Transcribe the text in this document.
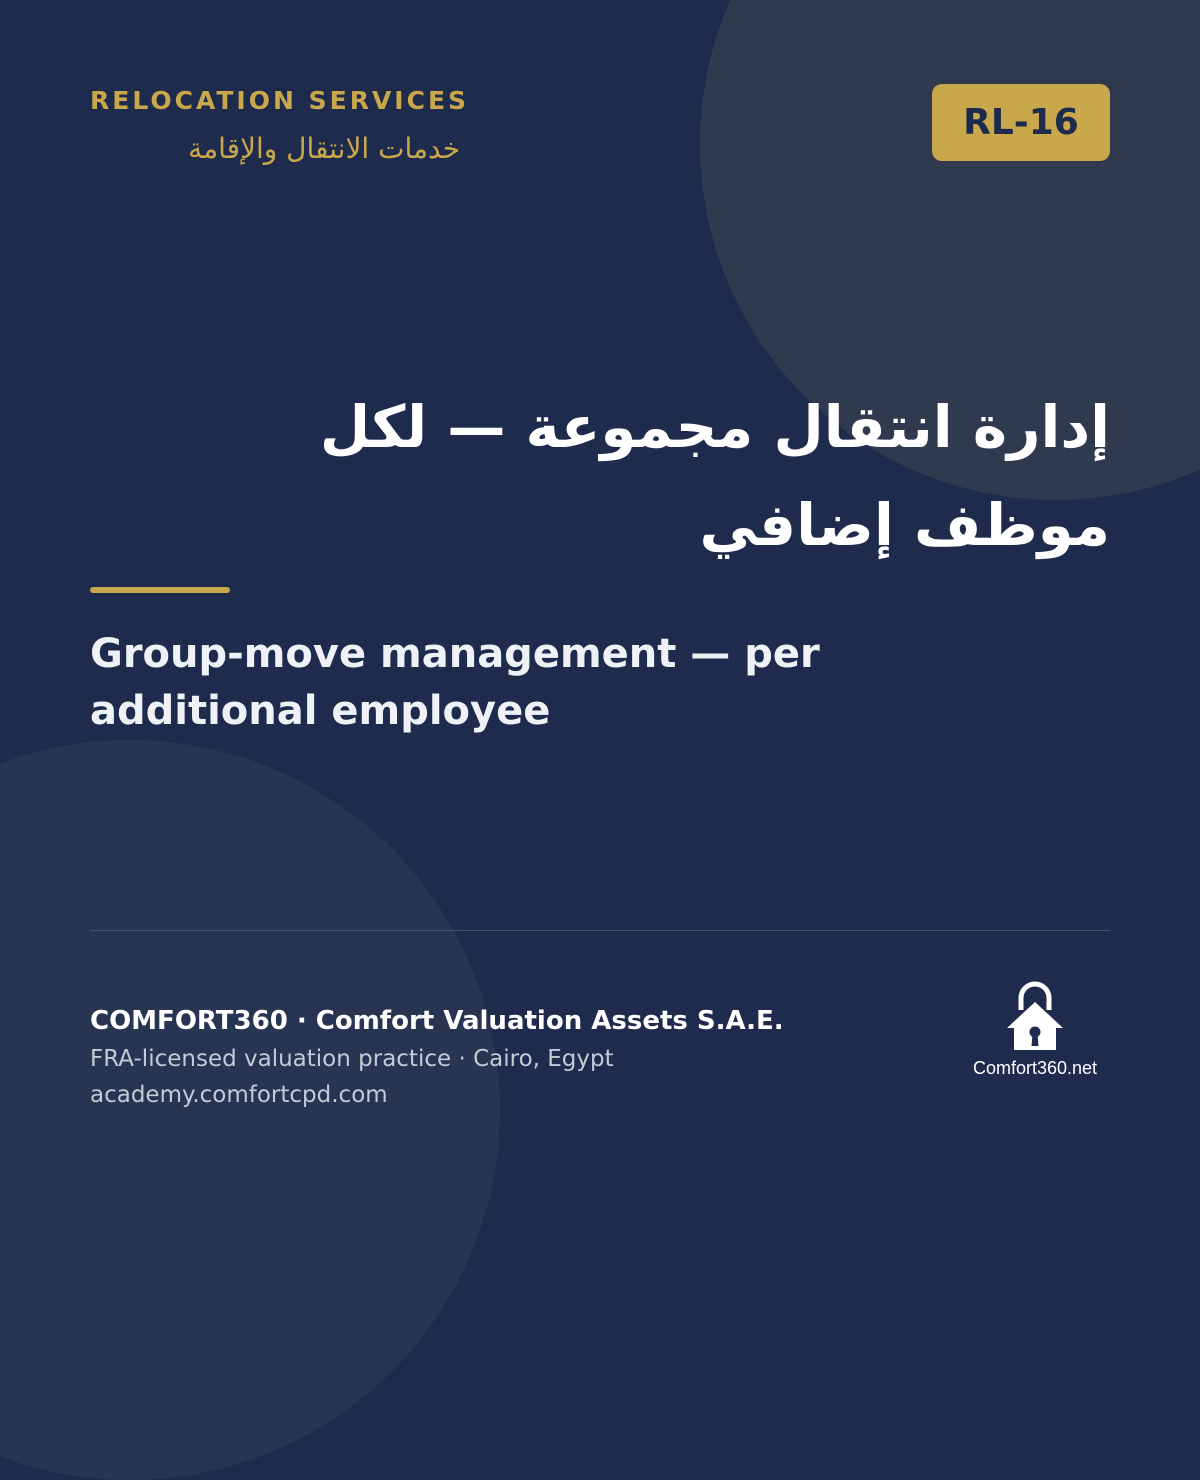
RELOCATION SERVICES
خدمات الانتقال والإقامة
RL-16
إدارة انتقال مجموعة — لكل موظف إضافي
Group-move management — per additional employee
COMFORT360 · Comfort Valuation Assets S.A.E.
FRA-licensed valuation practice · Cairo, Egypt
academy.comfortcpd.com
Comfort360.net
